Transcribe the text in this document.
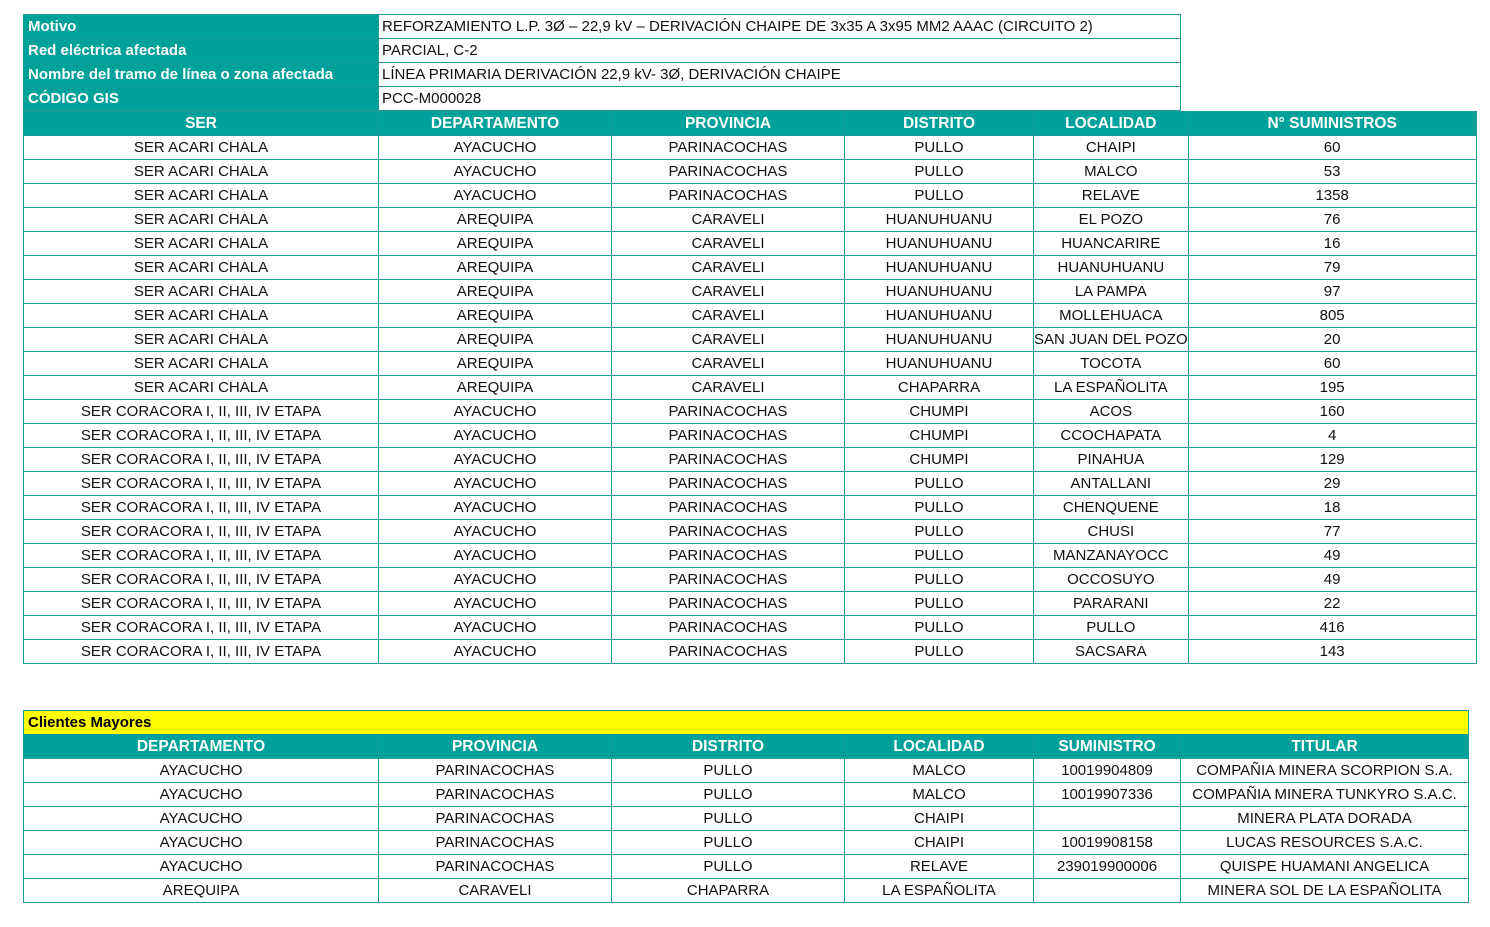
Motivo	REFORZAMIENTO L.P. 3Ø – 22,9 kV – DERIVACIÓN CHAIPE DE 3x35 A 3x95 MM2 AAAC (CIRCUITO 2)
Red eléctrica afectada	PARCIAL, C-2
Nombre del tramo de línea o zona afectada	LÍNEA PRIMARIA DERIVACIÓN 22,9 kV- 3Ø, DERIVACIÓN CHAIPE
CÓDIGO GIS	PCC-M000028
SER	DEPARTAMENTO	PROVINCIA	DISTRITO	LOCALIDAD	N° SUMINISTROS
SER ACARI CHALA	AYACUCHO	PARINACOCHAS	PULLO	CHAIPI	60
SER ACARI CHALA	AYACUCHO	PARINACOCHAS	PULLO	MALCO	53
SER ACARI CHALA	AYACUCHO	PARINACOCHAS	PULLO	RELAVE	1358
SER ACARI CHALA	AREQUIPA	CARAVELI	HUANUHUANU	EL POZO	76
SER ACARI CHALA	AREQUIPA	CARAVELI	HUANUHUANU	HUANCARIRE	16
SER ACARI CHALA	AREQUIPA	CARAVELI	HUANUHUANU	HUANUHUANU	79
SER ACARI CHALA	AREQUIPA	CARAVELI	HUANUHUANU	LA PAMPA	97
SER ACARI CHALA	AREQUIPA	CARAVELI	HUANUHUANU	MOLLEHUACA	805
SER ACARI CHALA	AREQUIPA	CARAVELI	HUANUHUANU	SAN JUAN DEL POZO	20
SER ACARI CHALA	AREQUIPA	CARAVELI	HUANUHUANU	TOCOTA	60
SER ACARI CHALA	AREQUIPA	CARAVELI	CHAPARRA	LA ESPAÑOLITA	195
SER CORACORA I, II, III, IV ETAPA	AYACUCHO	PARINACOCHAS	CHUMPI	ACOS	160
SER CORACORA I, II, III, IV ETAPA	AYACUCHO	PARINACOCHAS	CHUMPI	CCOCHAPATA	4
SER CORACORA I, II, III, IV ETAPA	AYACUCHO	PARINACOCHAS	CHUMPI	PINAHUA	129
SER CORACORA I, II, III, IV ETAPA	AYACUCHO	PARINACOCHAS	PULLO	ANTALLANI	29
SER CORACORA I, II, III, IV ETAPA	AYACUCHO	PARINACOCHAS	PULLO	CHENQUENE	18
SER CORACORA I, II, III, IV ETAPA	AYACUCHO	PARINACOCHAS	PULLO	CHUSI	77
SER CORACORA I, II, III, IV ETAPA	AYACUCHO	PARINACOCHAS	PULLO	MANZANAYOCC	49
SER CORACORA I, II, III, IV ETAPA	AYACUCHO	PARINACOCHAS	PULLO	OCCOSUYO	49
SER CORACORA I, II, III, IV ETAPA	AYACUCHO	PARINACOCHAS	PULLO	PARARANI	22
SER CORACORA I, II, III, IV ETAPA	AYACUCHO	PARINACOCHAS	PULLO	PULLO	416
SER CORACORA I, II, III, IV ETAPA	AYACUCHO	PARINACOCHAS	PULLO	SACSARA	143
Clientes Mayores					
DEPARTAMENTO	PROVINCIA	DISTRITO	LOCALIDAD	SUMINISTRO	TITULAR
AYACUCHO	PARINACOCHAS	PULLO	MALCO	10019904809	COMPAÑIA MINERA SCORPION S.A.
AYACUCHO	PARINACOCHAS	PULLO	MALCO	10019907336	COMPAÑIA MINERA TUNKYRO S.A.C.
AYACUCHO	PARINACOCHAS	PULLO	CHAIPI		MINERA PLATA DORADA
AYACUCHO	PARINACOCHAS	PULLO	CHAIPI	10019908158	LUCAS RESOURCES S.A.C.
AYACUCHO	PARINACOCHAS	PULLO	RELAVE	239019900006	QUISPE HUAMANI ANGELICA
AREQUIPA	CARAVELI	CHAPARRA	LA ESPAÑOLITA		MINERA SOL DE LA ESPAÑOLITA
